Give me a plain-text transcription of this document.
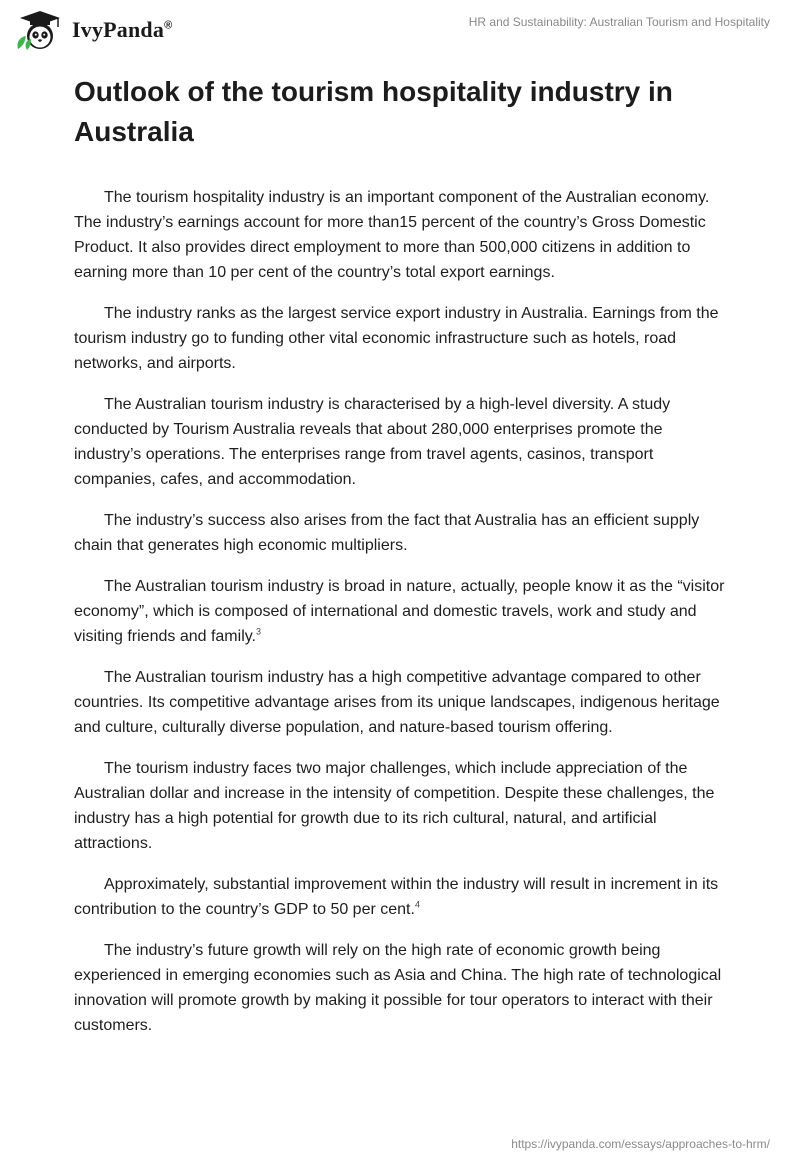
IvyPanda®	HR and Sustainability: Australian Tourism and Hospitality
Outlook of the tourism hospitality industry in Australia

The tourism hospitality industry is an important component of the Australian economy. The industry’s earnings account for more than15 percent of the country’s Gross Domestic Product. It also provides direct employment to more than 500,000 citizens in addition to earning more than 10 per cent of the country’s total export earnings.

The industry ranks as the largest service export industry in Australia. Earnings from the tourism industry go to funding other vital economic infrastructure such as hotels, road networks, and airports.

The Australian tourism industry is characterised by a high-level diversity. A study conducted by Tourism Australia reveals that about 280,000 enterprises promote the industry’s operations. The enterprises range from travel agents, casinos, transport companies, cafes, and accommodation.

The industry’s success also arises from the fact that Australia has an efficient supply chain that generates high economic multipliers.

The Australian tourism industry is broad in nature, actually, people know it as the “visitor economy”, which is composed of international and domestic travels, work and study and visiting friends and family.$^3$

The Australian tourism industry has a high competitive advantage compared to other countries. Its competitive advantage arises from its unique landscapes, indigenous heritage and culture, culturally diverse population, and nature-based tourism offering.

The tourism industry faces two major challenges, which include appreciation of the Australian dollar and increase in the intensity of competition. Despite these challenges, the industry has a high potential for growth due to its rich cultural, natural, and artificial attractions.

Approximately, substantial improvement within the industry will result in increment in its contribution to the country’s GDP to 50 per cent.$^4$

The industry’s future growth will rely on the high rate of economic growth being experienced in emerging economies such as Asia and China. The high rate of technological innovation will promote growth by making it possible for tour operators to interact with their customers.

https://ivypanda.com/essays/approaches-to-hrm/
